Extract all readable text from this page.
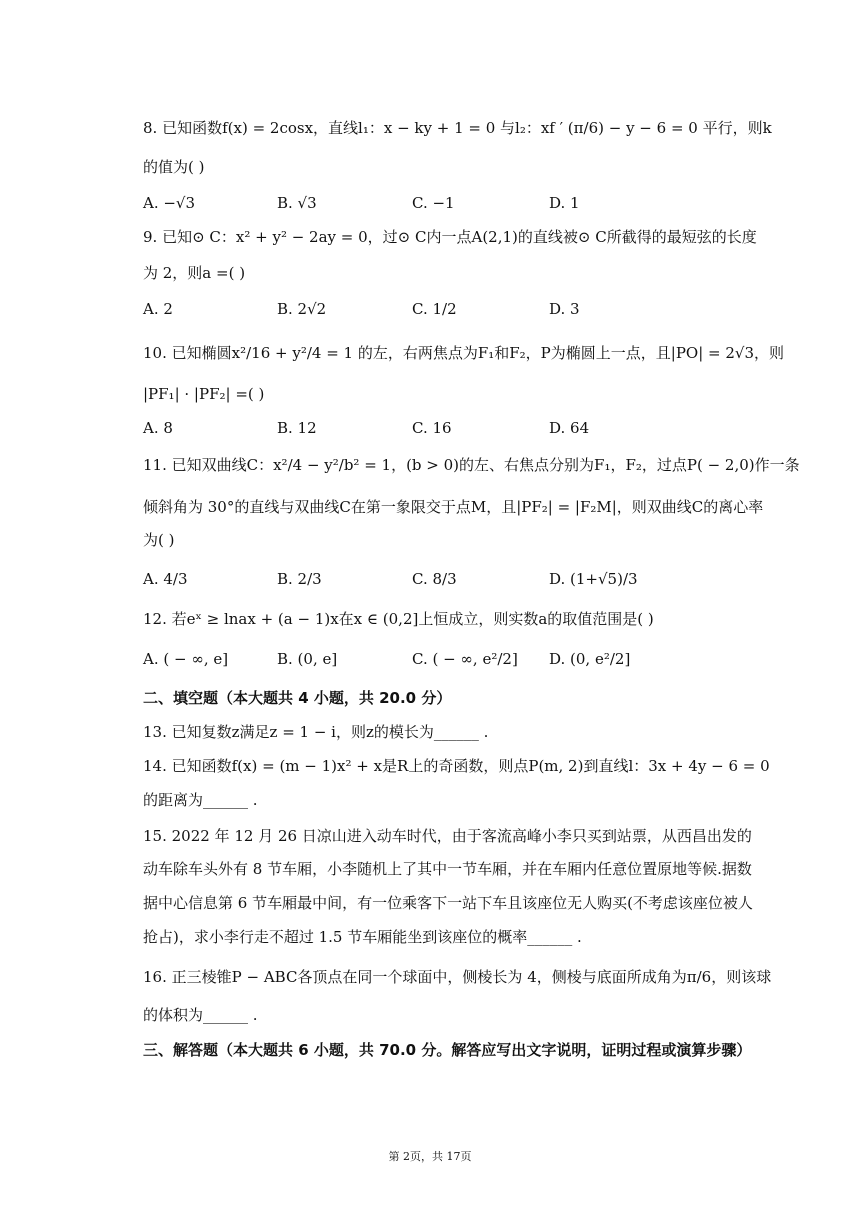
8. 已知函数f(x) = 2cosx，直线l₁：x − ky + 1 = 0 与l₂：xf ′ (π/6) − y − 6 = 0 平行，则k
的值为( )
A. −√3	B. √3	C. −1	D. 1
9. 已知⊙ C：x² + y² − 2ay = 0，过⊙ C内一点A(2,1)的直线被⊙ C所截得的最短弦的长度
为 2，则a =( )
A. 2	B. 2√2	C. 1/2	D. 3
10. 已知椭圆x²/16 + y²/4 = 1 的左，右两焦点为F₁和F₂，P为椭圆上一点，且|PO| = 2√3，则
|PF₁| · |PF₂| =( )
A. 8	B. 12	C. 16	D. 64
11. 已知双曲线C：x²/4 − y²/b² = 1，(b > 0)的左、右焦点分别为F₁，F₂，过点P( − 2,0)作一条
倾斜角为 30°的直线与双曲线C在第一象限交于点M，且|PF₂| = |F₂M|，则双曲线C的离心率
为( )
A. 4/3	B. 2/3	C. 8/3	D. (1+√5)/3
12. 若eˣ ≥ lnax + (a − 1)x在x ∈ (0,2]上恒成立，则实数a的取值范围是( )
A. ( − ∞, e]	B. (0, e]	C. ( − ∞, e²/2] D. (0, e²/2]
二、填空题（本大题共 4 小题，共 20.0 分）
13. 已知复数z满足z = 1 − i，则z的模长为______ .
14. 已知函数f(x) = (m − 1)x² + x是R上的奇函数，则点P(m, 2)到直线l：3x + 4y − 6 = 0
的距离为______ .
15. 2022 年 12 月 26 日凉山进入动车时代，由于客流高峰小李只买到站票，从西昌出发的
动车除车头外有 8 节车厢，小李随机上了其中一节车厢，并在车厢内任意位置原地等候.据数
据中心信息第 6 节车厢最中间，有一位乘客下一站下车且该座位无人购买(不考虑该座位被人
抢占)，求小李行走不超过 1.5 节车厢能坐到该座位的概率______ .
16. 正三棱锥P − ABC各顶点在同一个球面中，侧棱长为 4，侧棱与底面所成角为π/6，则该球
的体积为______ .
三、解答题（本大题共 6 小题，共 70.0 分。解答应写出文字说明，证明过程或演算步骤）
第 2页，共 17页
